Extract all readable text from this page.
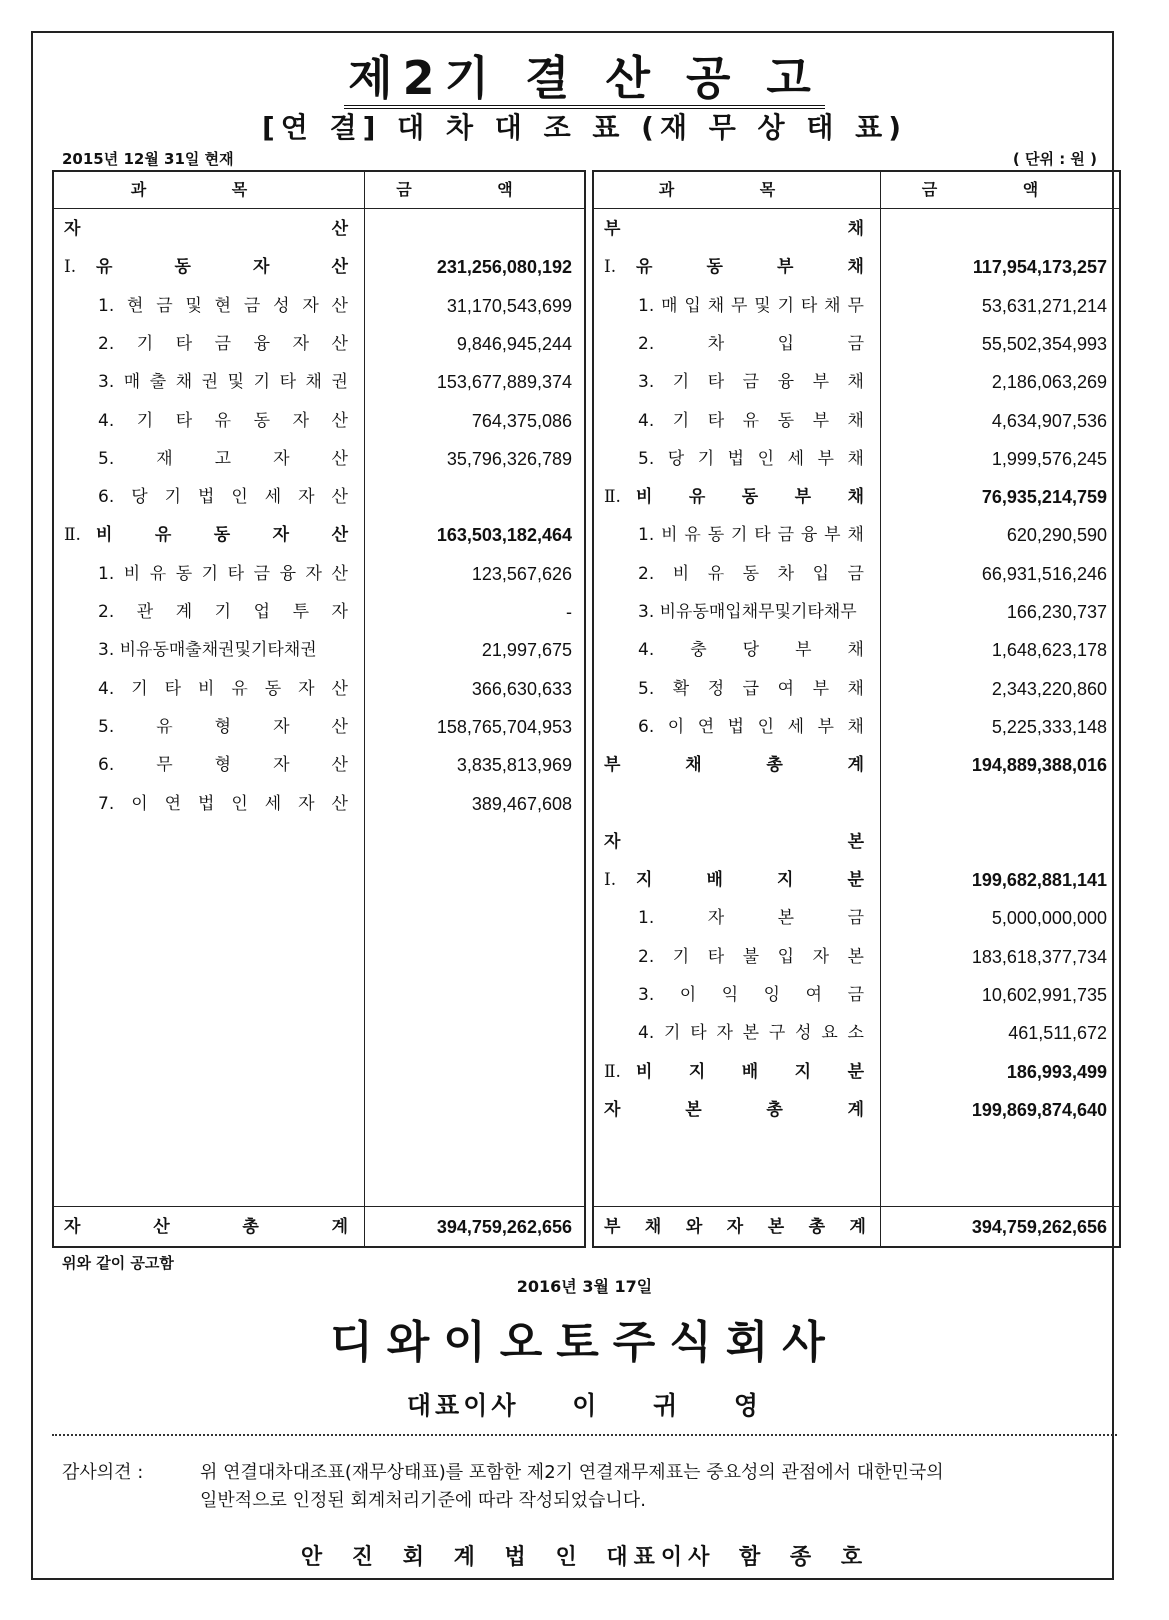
제2기 결 산 공 고
[연 결] 대 차 대 조 표 (재 무 상 태 표)
2015년 12월 31일 현재	( 단위 : 원 )
과 목	금 액
자	산
Ⅰ. 유	동	자	산	231,256,080,192
1. 현 금 및 현 금 성 자 산	31,170,543,699
2. 기 타 금 융 자 산	9,846,945,244
3. 매 출 채 권 및 기 타 채 권	153,677,889,374
4. 기 타 유 동 자 산	764,375,086
5. 재 고 자 산	35,796,326,789
6. 당 기 법 인 세 자 산
Ⅱ. 비 유 동 자 산	163,503,182,464
1. 비 유 동 기 타 금 융 자 산	123,567,626
2. 관 계 기 업 투 자	-
3. 비유동매출채권및기타채권	21,997,675
4. 기 타 비 유 동 자 산	366,630,633
5. 유 형 자 산	158,765,704,953
6. 무 형 자 산	3,835,813,969
7. 이 연 법 인 세 자 산	389,467,608
자	산	총	계	394,759,262,656
과 목	금 액
부	채
Ⅰ. 유	동	부	채	117,954,173,257
1. 매 입 채 무 및 기 타 채 무	53,631,271,214
2.	차	입	금	55,502,354,993
3. 기 타 금 융 부 채	2,186,063,269
4. 기 타 유 동 부 채	4,634,907,536
5. 당 기 법 인 세 부 채	1,999,576,245
Ⅱ. 비 유 동 부 채	76,935,214,759
1. 비 유 동 기 타 금 융 부 채	620,290,590
2. 비 유 동 차 입 금	66,931,516,246
3. 비유동매입채무및기타채무	166,230,737
4. 충 당 부 채	1,648,623,178
5. 확 정 급 여 부 채	2,343,220,860
6. 이 연 법 인 세 부 채	5,225,333,148
부	채	총	계	194,889,388,016
자	본
Ⅰ. 지	배	지	분	199,682,881,141
1.	자	본	금	5,000,000,000
2. 기 타 불 입 자 본	183,618,377,734
3. 이 익 잉 여 금	10,602,991,735
4. 기 타 자 본 구 성 요 소	461,511,672
Ⅱ. 비 지 배 지 분	186,993,499
자	본	총	계	199,869,874,640
부 채 와 자 본 총 계	394,759,262,656
위와 같이 공고함
2016년 3월 17일
디와이오토주식회사
대표이사 이 귀 영
감사의견 :	위 연결대차대조표(재무상태표)를 포함한 제2기 연결재무제표는 중요성의 관점에서 대한민국의
일반적으로 인정된 회계처리기준에 따라 작성되었습니다.
안 진 회 계 법 인 대표이사 함 종 호
